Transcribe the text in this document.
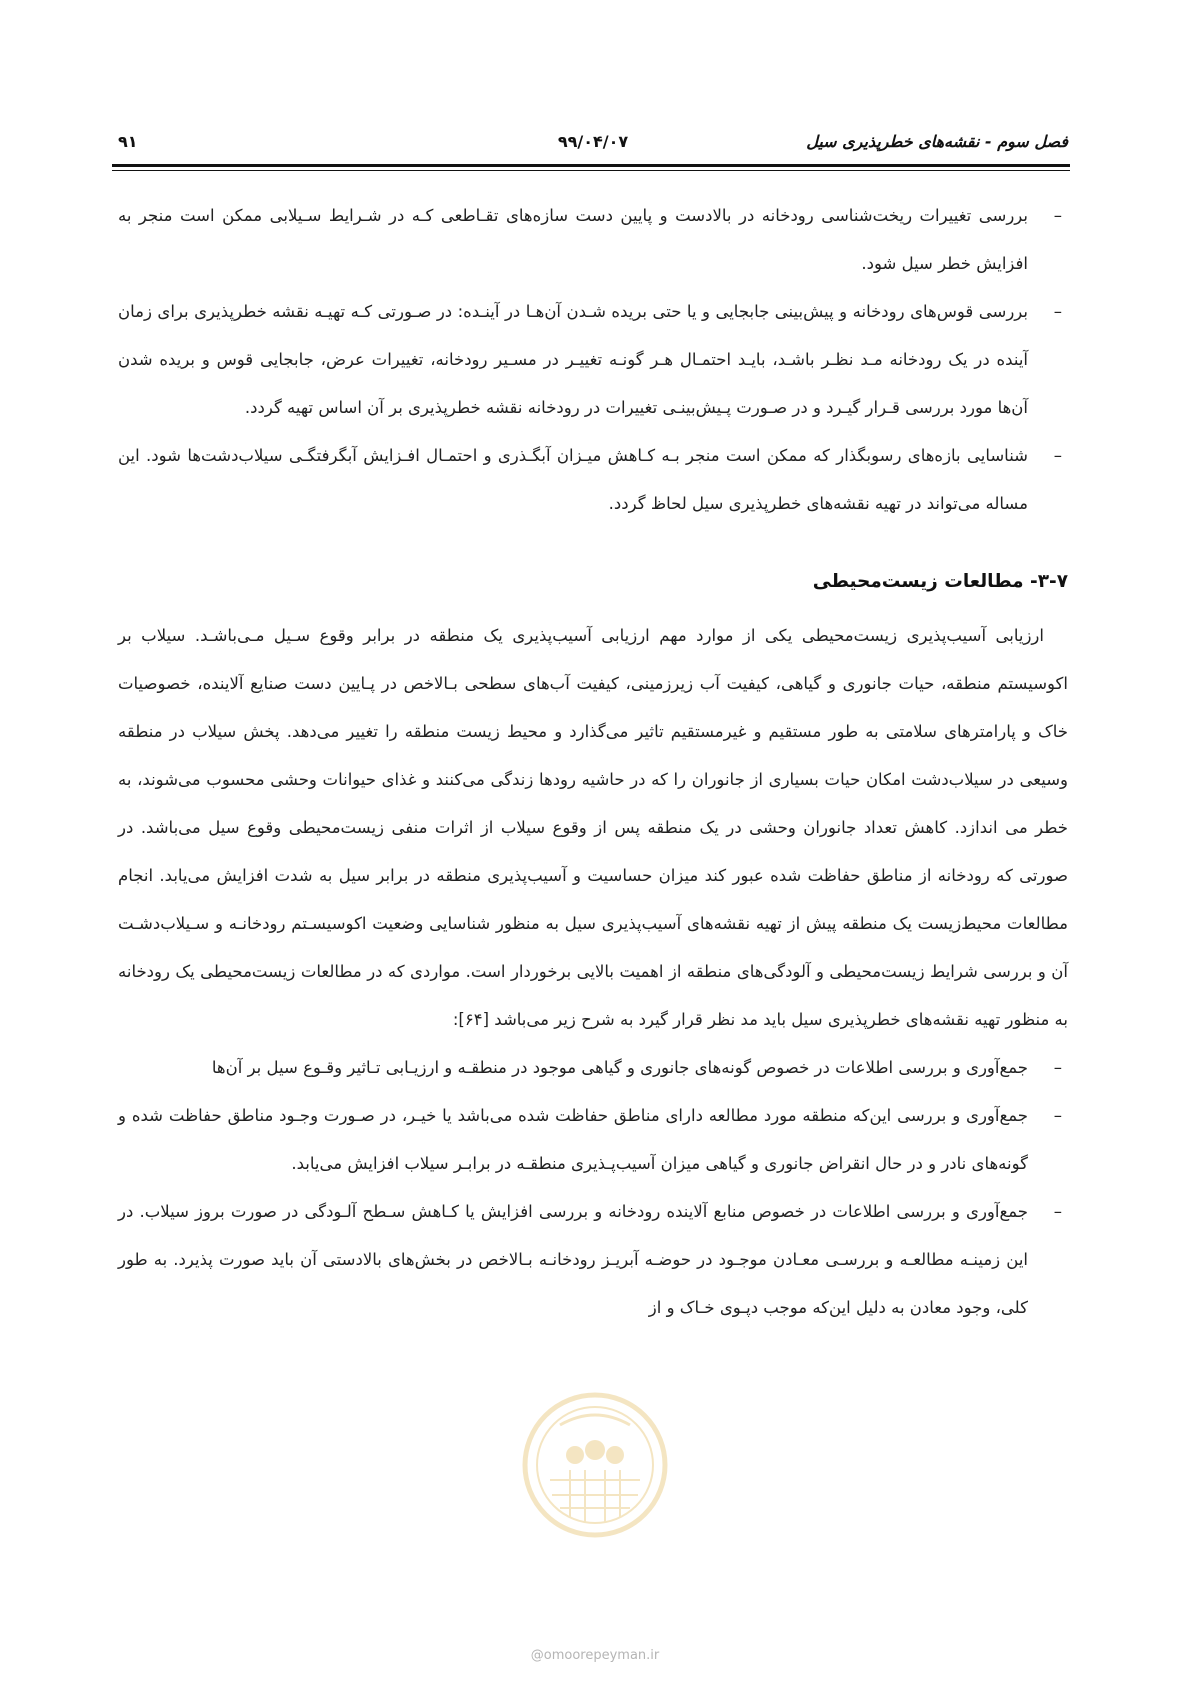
فصل سوم - نقشه‌های خطرپذیری سیل
۹۹/۰۴/۰۷
۹۱

–
بررسی تغییرات ریخت‌شناسی رودخانه در بالادست و پایین دست سازه‌های تقـاطعی کـه در شـرایط سـیلابی ممکن است منجر به افزایش خطر سیل شود.

–
بررسی قوس‌های رودخانه و پیش‌بینی جابجایی و یا حتی بریده شـدن آن‌هـا در آینـده: در صـورتی کـه تهیـه نقشه خطرپذیری برای زمان آینده در یک رودخانه مـد نظـر باشـد، بایـد احتمـال هـر گونـه تغییـر در مسـیر رودخانه، تغییرات عرض، جابجایی قوس و بریده شدن آن‌ها مورد بررسی قـرار گیـرد و در صـورت پـیش‌بینـی تغییرات در رودخانه نقشه خطرپذیری بر آن اساس تهیه گردد.

–
شناسایی بازه‌های رسوبگذار که ممکن است منجر بـه کـاهش میـزان آبگـذری و احتمـال افـزایش آبگرفتگـی سیلاب‌دشت‌ها شود. این مساله می‌تواند در تهیه نقشه‌های خطرپذیری سیل لحاظ گردد.

۳-۷- مطالعات زیست‌محیطی

ارزیابی آسیب‌پذیری زیست‌محیطی یکی از موارد مهم ارزیابی آسیب‌پذیری یک منطقه در برابر وقوع سـیل مـی‌باشـد. سیلاب بر اکوسیستم منطقه، حیات جانوری و گیاهی، کیفیت آب زیرزمینی، کیفیت آب‌های سطحی بـالاخص در پـایین دست صنایع آلاینده، خصوصیات خاک و پارامترهای سلامتی به طور مستقیم و غیرمستقیم تاثیر می‌گذارد و محیط زیست منطقه را تغییر می‌دهد. پخش سیلاب در منطقه وسیعی در سیلاب‌دشت امکان حیات بسیاری از جانوران را که در حاشیه رودها زندگی می‌کنند و غذای حیوانات وحشی محسوب می‌شوند، به خطر می اندازد. کاهش تعداد جانوران وحشی در یک منطقه پس از وقوع سیلاب از اثرات منفی زیست‌محیطی وقوع سیل می‌باشد. در صورتی که رودخانه از مناطق حفاظت شده عبور کند میزان حساسیت و آسیب‌پذیری منطقه در برابر سیل به شدت افزایش می‌یابد. انجام مطالعات محیط‌زیست یک منطقه پیش از تهیه نقشه‌های آسیب‌پذیری سیل به منظور شناسایی وضعیت اکوسیسـتم رودخانـه و سـیلاب‌دشـت آن و بررسی شرایط زیست‌محیطی و آلودگی‌های منطقه از اهمیت بالایی برخوردار است. مواردی که در مطالعات زیست‌محیطی یک رودخانه به منظور تهیه نقشه‌های خطرپذیری سیل باید مد نظر قرار گیرد به شرح زیر می‌باشد [۶۴]:

–
جمع‌آوری و بررسی اطلاعات در خصوص گونه‌های جانوری و گیاهی موجود در منطقـه و ارزیـابی تـاثیر وقـوع سیل بر آن‌ها

–
جمع‌آوری و بررسی این‌که منطقه مورد مطالعه دارای مناطق حفاظت شده می‌باشد یا خیـر، در صـورت وجـود مناطق حفاظت شده و گونه‌های نادر و در حال انقراض جانوری و گیاهی میزان آسیب‌پـذیری منطقـه در برابـر سیلاب افزایش می‌یابد.

–
جمع‌آوری و بررسی اطلاعات در خصوص منابع آلاینده رودخانه و بررسی افزایش یا کـاهش سـطح آلـودگی در صورت بروز سیلاب. در این زمینـه مطالعـه و بررسـی معـادن موجـود در حوضـه آبریـز رودخانـه بـالاخص در بخش‌های بالادستی آن باید صورت پذیرد. به طور کلی، وجود معادن به دلیل این‌که موجب دپـوی خـاک و از

@omoorepeyman.ir
